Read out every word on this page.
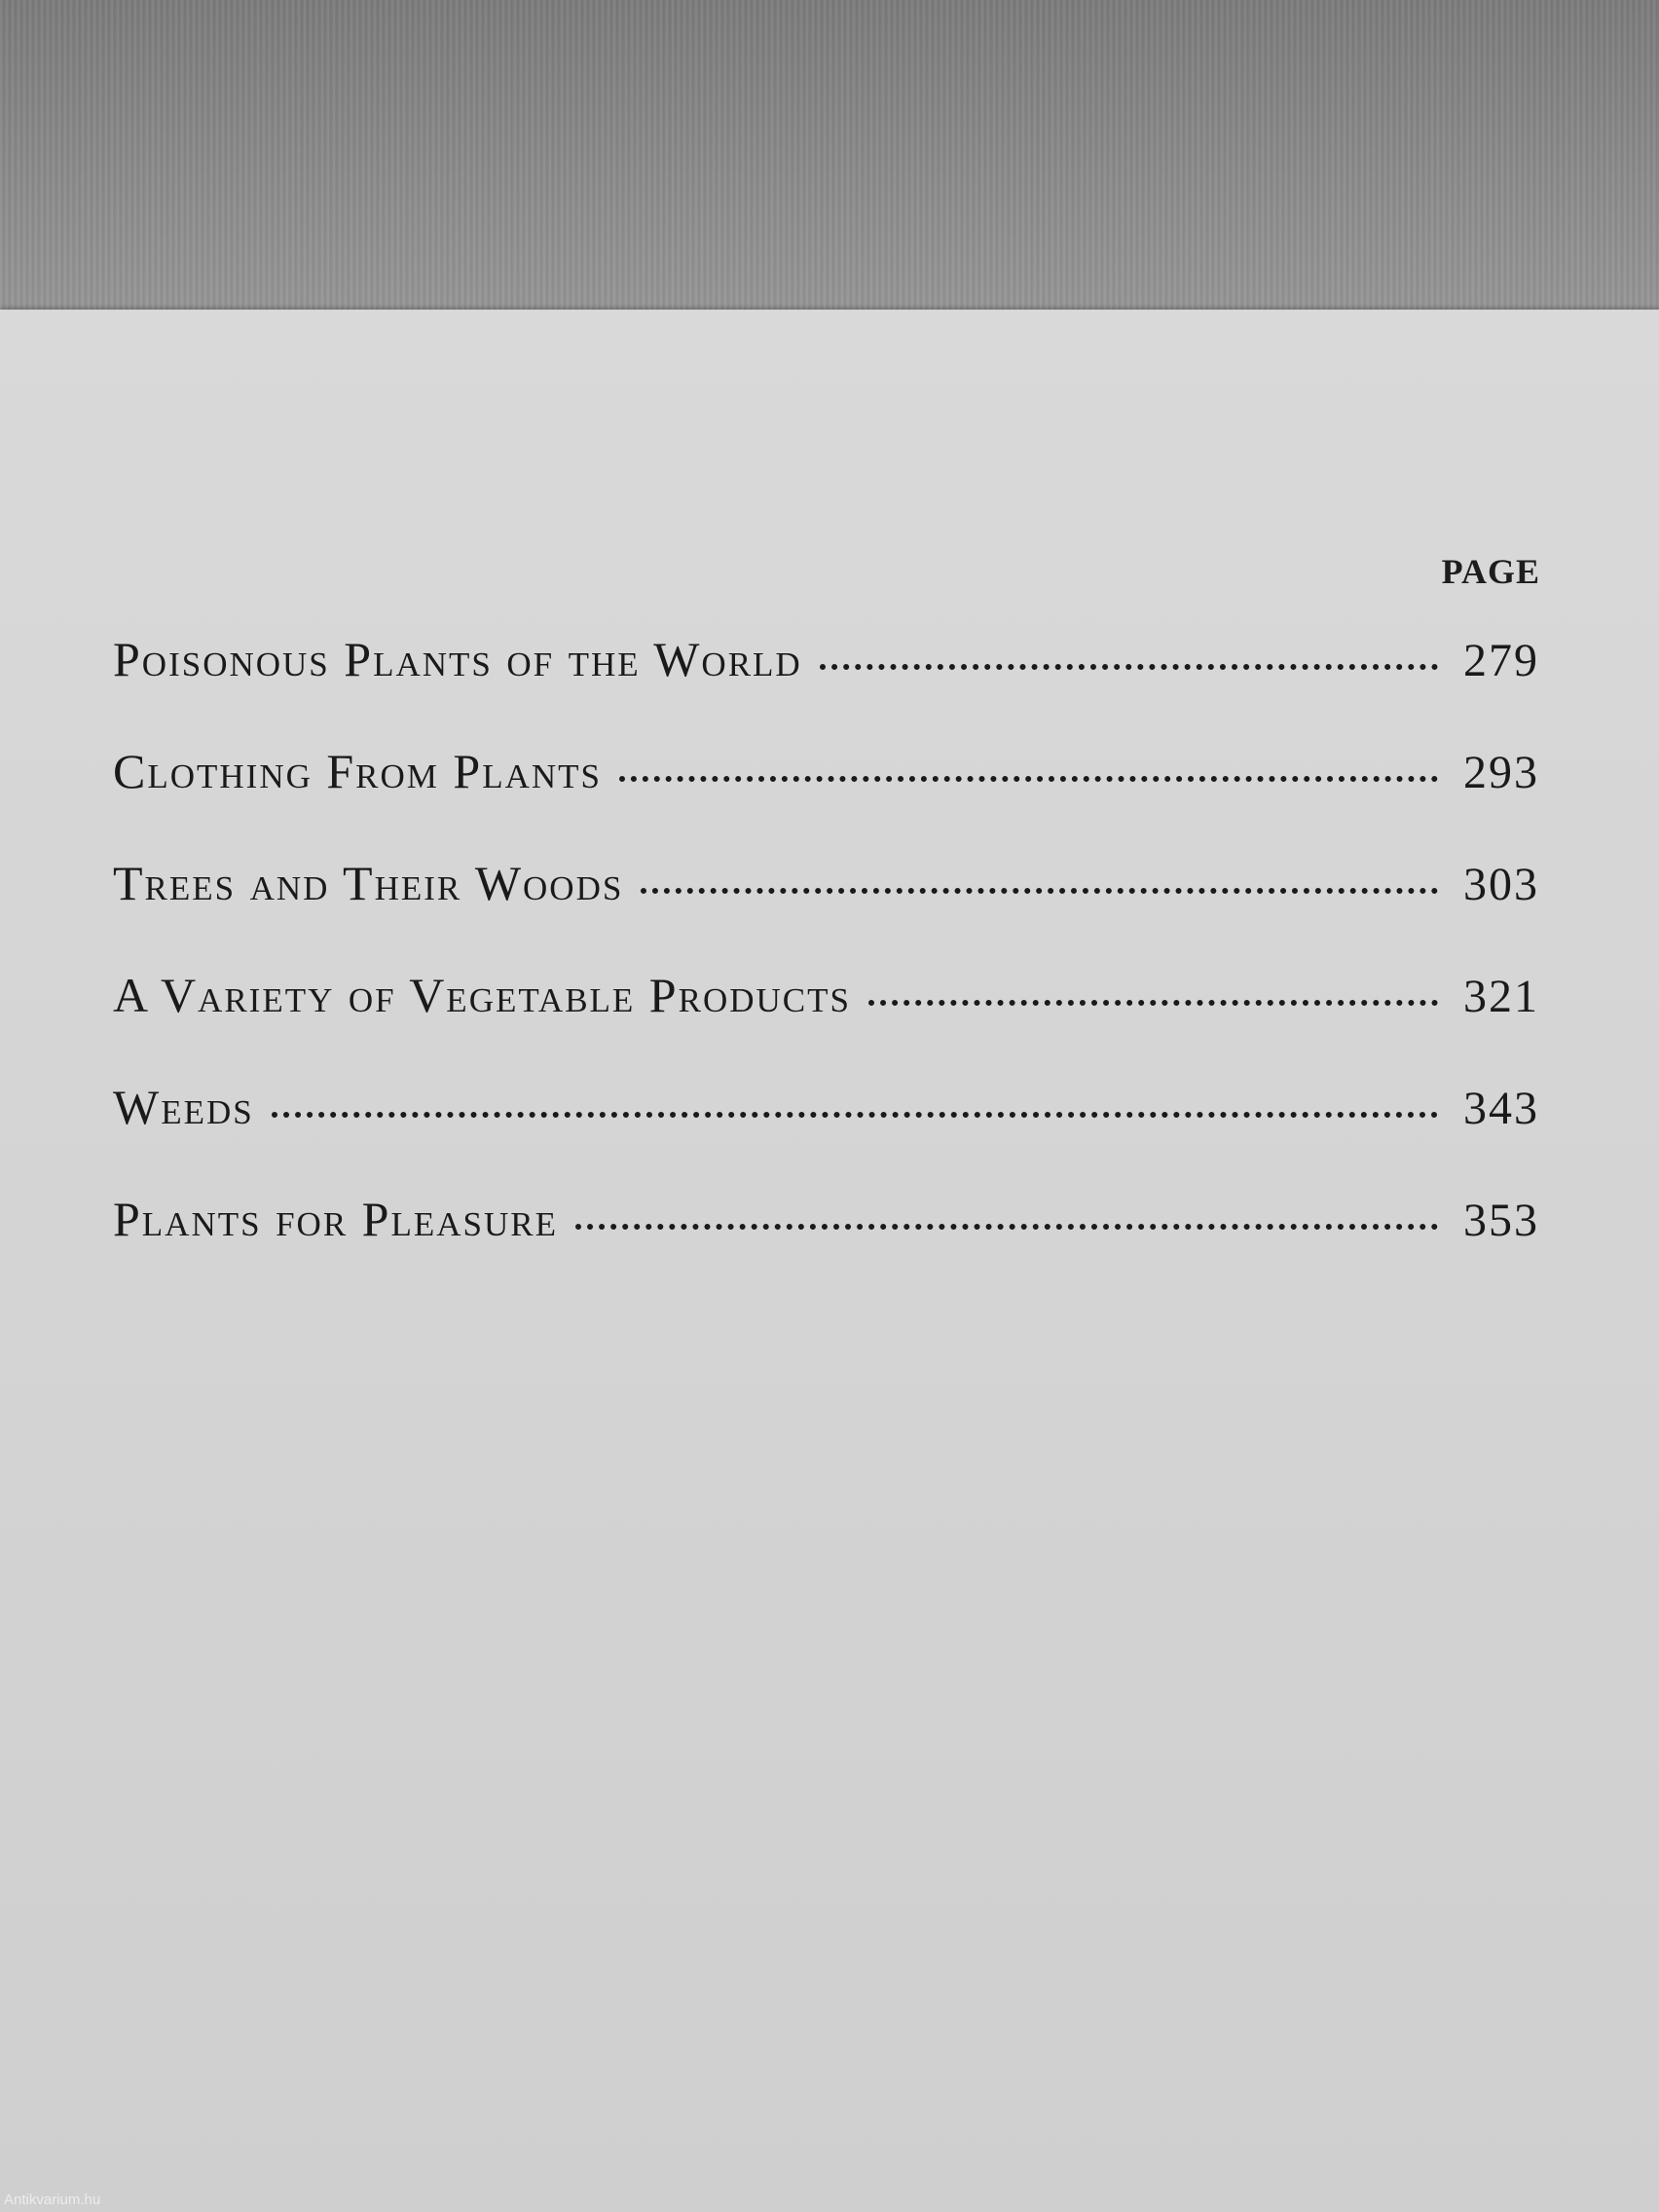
PAGE
Poisonous Plants of the World	279
Clothing From Plants	293
Trees and Their Woods	303
A Variety of Vegetable Products	321
Weeds	343
Plants for Pleasure	353
Antikvarium.hu
